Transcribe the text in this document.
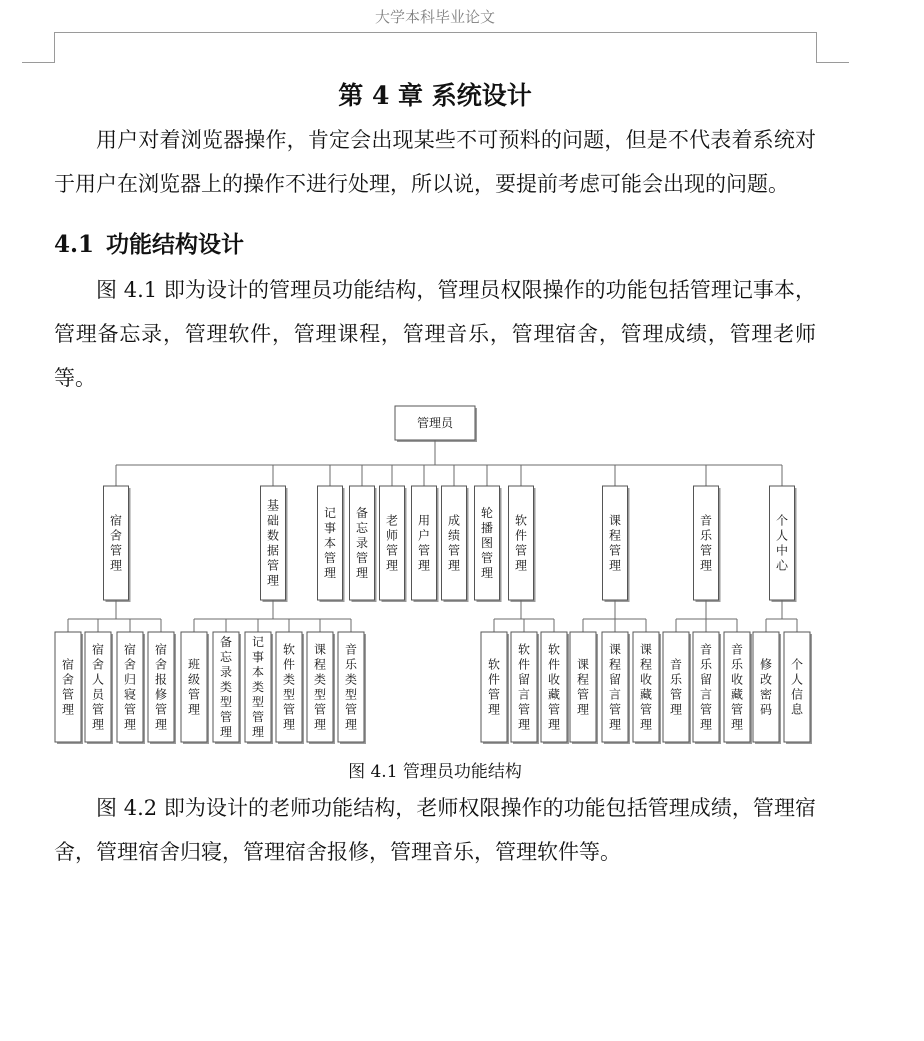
大学本科毕业论文
第 4 章 系统设计

用户对着浏览器操作，肯定会出现某些不可预料的问题，但是不代表着系统对于用户在浏览器上的操作不进行处理，所以说，要提前考虑可能会出现的问题。

4.1 功能结构设计

图 4.1 即为设计的管理员功能结构，管理员权限操作的功能包括管理记事本，管理备忘录，管理软件，管理课程，管理音乐，管理宿舍，管理成绩，管理老师等。

管理员
宿舍管理
基础数据管理
记事本管理
备忘录管理
老师管理
用户管理
成绩管理
轮播图管理
软件管理
课程管理
音乐管理
个人中心
宿舍管理
宿舍人员管理
宿舍归寝管理
宿舍报修管理
班级管理
备忘录类型管理
记事本类型管理
软件类型管理
课程类型管理
音乐类型管理
软件管理
软件留言管理
软件收藏管理
课程管理
课程留言管理
课程收藏管理
音乐管理
音乐留言管理
音乐收藏管理
修改密码
个人信息
图 4.1 管理员功能结构

图 4.2 即为设计的老师功能结构，老师权限操作的功能包括管理成绩，管理宿舍，管理宿舍归寝，管理宿舍报修，管理音乐，管理软件等。
